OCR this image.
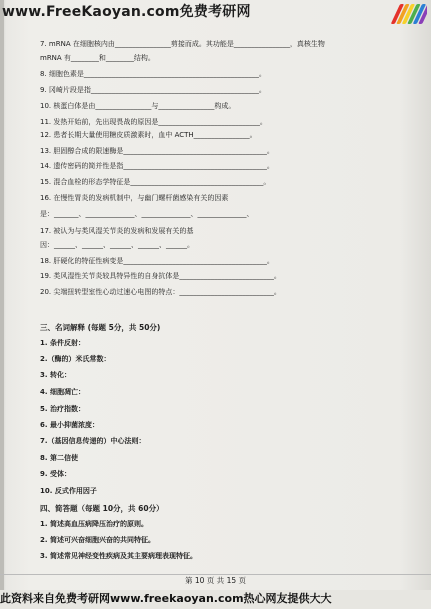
www.FreeKaoyan.com免费考研网
7. mRNA 在细胞核内由________________剪接而成。其功能是________________，真核生物
mRNA 有________和________结构。
8. 细胞色素是__________________________________________________。
9. 冈崎片段是指________________________________________________。
10. 核蛋白体是由________________与________________构成。
11. 发热开始前，先出现畏战的原因是_____________________________。
12. 患者长期大量使用糖皮质激素时，血中 ACTH________________。
13. 胆固醇合成的限速酶是_________________________________________。
14. 遗传密码的简并性是指_________________________________________。
15. 混合血栓的形态学特征是______________________________________。
16. 在慢性胃炎的发病机制中，与幽门螺杆菌感染有关的因素
是：_______、______________、______________、______________、
17. 被认为与类风湿关节炎的发病和发展有关的基
因：______、______、______、______、______。
18. 肝硬化的特征性病变是_________________________________________。
19. 类风湿性关节炎较具特异性的自身抗体是___________________________。
20. 尖端扭转型室性心动过速心电图的特点：___________________________。
三、名词解释 (每题 5分，共 50分)
1. 条件反射：
2.（酶的）米氏常数：
3. 转化：
4. 细胞凋亡：
5. 治疗指数：
6. 最小抑菌浓度：
7.（基因信息传递的）中心法则：
8. 第二信使
9. 受体：
10. 反式作用因子
四、简答题（每题 10分，共 60分）
1. 简述高血压病降压治疗的原则。
2. 简述可兴奋细胞兴奋的共同特征。
3. 简述常见神经变性疾病及其主要病理表现特征。
第 10 页 共 15 页
此资料来自免费考研网www.freekaoyan.com热心网友提供大大
